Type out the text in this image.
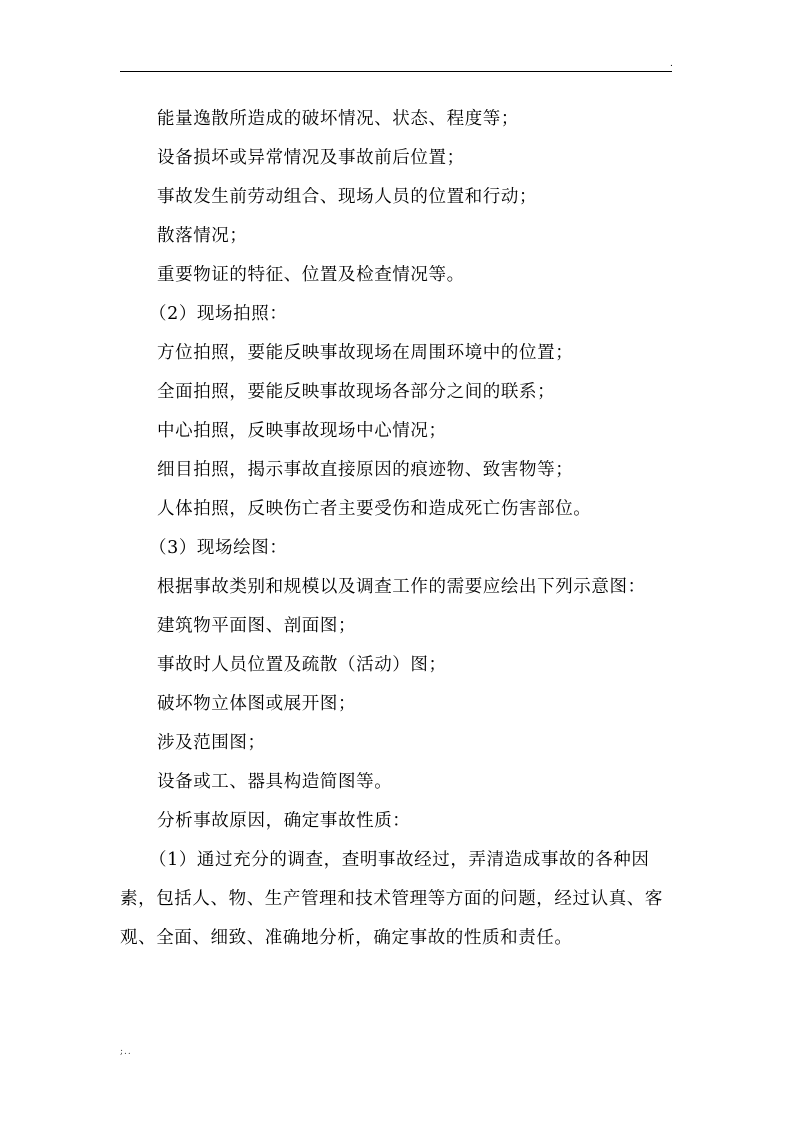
.
能量逸散所造成的破坏情况、状态、程度等；
设备损坏或异常情况及事故前后位置；
事故发生前劳动组合、现场人员的位置和行动；
散落情况；
重要物证的特征、位置及检查情况等。
（2）现场拍照：
方位拍照，要能反映事故现场在周围环境中的位置；
全面拍照，要能反映事故现场各部分之间的联系；
中心拍照，反映事故现场中心情况；
细目拍照，揭示事故直接原因的痕迹物、致害物等；
人体拍照，反映伤亡者主要受伤和造成死亡伤害部位。
（3）现场绘图：
根据事故类别和规模以及调查工作的需要应绘出下列示意图：
建筑物平面图、剖面图；
事故时人员位置及疏散（活动）图；
破坏物立体图或展开图；
涉及范围图；
设备或工、器具构造简图等。
分析事故原因，确定事故性质：
（1）通过充分的调查，查明事故经过，弄清造成事故的各种因
素，包括人、物、生产管理和技术管理等方面的问题，经过认真、客
观、全面、细致、准确地分析，确定事故的性质和责任。
;..
